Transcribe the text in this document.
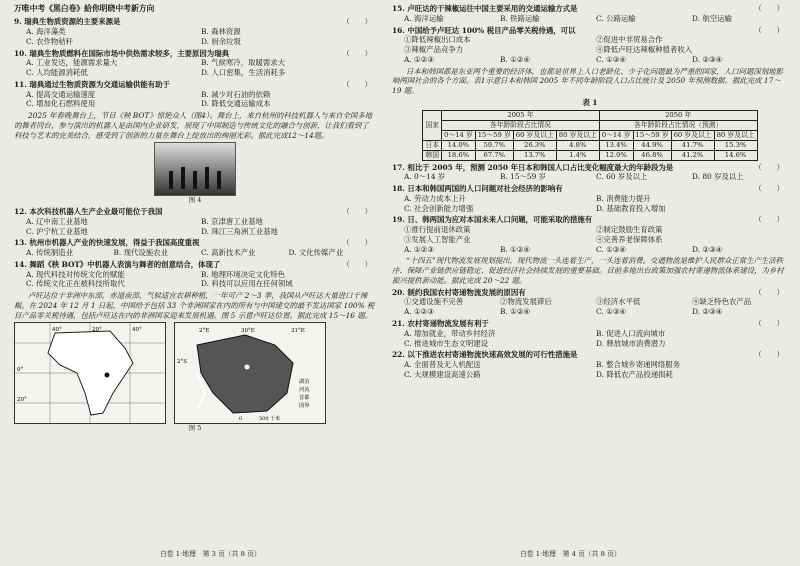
万唯中考《黑白卷》給你明晓中考新方向
9. 瑞典生物质资源的主要来源是	（　　）
A. 海洋藻类	B. 森林资源
C. 农作物秸秆	D. 厨余垃圾
10. 瑞典生物质燃料在国际市场中供热需求较多，主要原因为瑞典	（　　）
A. 工业发达，能源需求量大	B. 气候寒冷，取暖需求大
C. 人均能源消耗低	D. 人口密集，生活消耗多
11. 瑞典通过生物质资源为交通运输供能有助于	（　　）
A. 提高交通运输速度	B. 减少对石油的依赖
C. 增加化石燃料使用	D. 降低交通运输成本
2025 年春晚舞台上，节目《秧 BOT》惊艳众人（图4）。舞台上，来自杭州的科技机器人与来自全国多地的舞者同台，参与演出的机器人是由国内企业研发，展现了中国制造与传统文化的融合与创新，让我们看到了科技与艺术的完美结合，感受到了创新的力量在舞台上绽放出的绚丽光彩。据此完成12～14题。
图 4
12. 本次科技机器人生产企业最可能位于我国	（　　）
A. 辽中南工业基地	B. 京津唐工业基地
C. 沪宁杭工业基地	D. 珠江三角洲工业基地
13. 杭州市机器人产业的快速发展，得益于我国高度重视	（　　）
A. 传统制造业	B. 现代设施农业	C. 高新技术产业	D. 文化传媒产业
14. 舞蹈《秧 BOT》中机器人表演与舞者的创意结合，体现了	（　　）
A. 现代科技对传统文化的赋能	B. 地理环境决定文化特色
C. 传统文化正在被科技所取代	D. 科技可以应用在任何领域
卢旺达位于非洲中东部，赤道南部，气候适宜农耕种植，一年可产 2～3 季，我国从卢旺达大量进口干辣椒。在 2024 年 12 月 1 日起，中国给予包括 33 个非洲国家在内的所有与中国建交的最不发达国家 100% 税目产品零关税待遇，包括卢旺达在内的非洲国家迎来发展机遇。图 5 示意卢旺达位置。据此完成 15～16 题。
40°	20°	40°
0°
20°
2°E	30°E	31°E
2°S
湖泊
河流
首都
国界
0	500 千米
图 5
白卷 1·地理　第 3 页（共 8 页）
15. 卢旺达的干辣椒运往中国主要采用的交通运输方式是	（　　）
A. 海洋运输	B. 铁路运输	C. 公路运输	D. 航空运输
16. 中国给予卢旺达 100% 税目产品零关税待遇，可以	（　　）
①降低辣椒出口成本	②促进中非贸易合作
③辣椒产品竞争力	④降低卢旺达辣椒种植者收入
A. ①②③	B. ①②④	C. ①③④	D. ②③④
日本和韩国都是东亚两个重要的经济体，也都是世界上人口老龄化、少子化问题最为严重的国家，人口问题深刻地影响两国社会的各个方面。表1示意日本和韩国 2005 年不同年龄阶段人口占比统计及 2050 年预测数据。据此完成 17～19 题。
表 1
国家	2005 年				2050 年			
	各年龄阶段占比情况				各年龄阶段占比情况（预测）			
	0～14 岁	15～59 岁	60 岁及以上	80 岁及以上	0～14 岁	15～59 岁	60 岁及以上	80 岁及以上
日本	14.0%	59.7%	26.3%	4.8%	13.4%	44.9%	41.7%	15.3%
韩国	18.6%	67.7%	13.7%	1.4%	12.0%	46.8%	41.2%	14.6%
17. 相比于 2005 年，预测 2050 年日本和韩国人口占比变化幅度最大的年龄段为是	（　　）
A. 0～14 岁	B. 15～59 岁	C. 60 岁及以上	D. 80 岁及以上
18. 日本和韩国两国的人口问题对社会经济的影响有	（　　）
A. 劳动力成本上升	B. 消费能力提升
C. 社会创新能力增强	D. 基础教育投入增加
19. 日、韩两国为应对本国未来人口问题，可能采取的措施有	（　　）
①推行提前退休政策	②制定鼓励生育政策
③发展人工智能产业	④完善养老保障体系
A. ①②③	B. ①②④	C. ①③④	D. ②③④
“十四五”现代物流发展规划提出，现代物流一头连着生产，一头连着消费。交通物流是维护人民群众正常生产生活秩序、保障产业链供应链稳定、促进经济社会持续发展的重要基础。目前多地出台政策加强农村寄递物流体系建设，为乡村振兴提供新动能。据此完成 20～22 题。
20. 制约我国农村寄递物流发展的原因有	（　　）
①交通设施不完善	②物流发展滞后	③经济水平低	④缺乏特色农产品
A. ①②③	B. ①②④	C. ①③④	D. ②③④
21. 农村寄递物流发展有利于	（　　）
A. 增加就业，带动乡村经济	B. 促进人口流向城市
C. 推进城市生态文明建设	D. 释放城市消费潜力
22. 以下推进农村寄递物流快速高效发展的可行性措施是	（　　）
A. 全面普及无人机配送	B. 整合城乡寄递网络服务
C. 大规模建设高速公路	D. 降低农产品投递损耗
白卷 1·地理　第 4 页（共 8 页）
